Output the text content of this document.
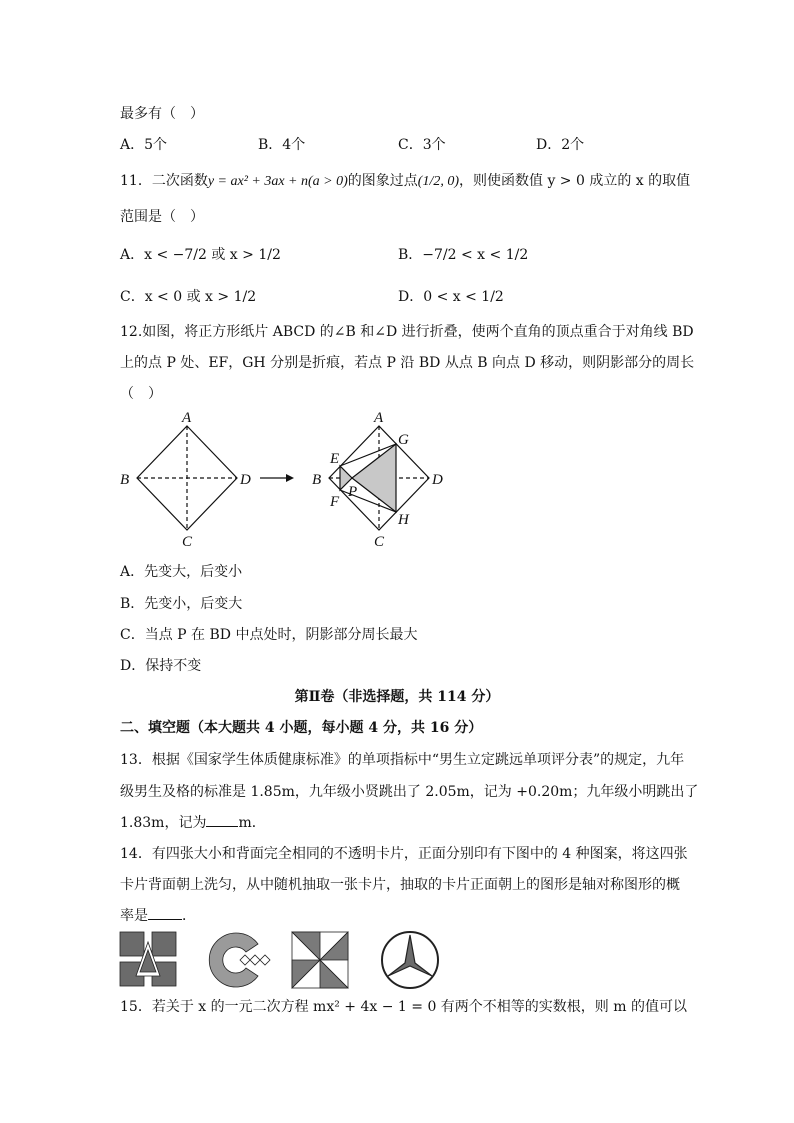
最多有（　）
A．5个	B．4个	C．3个	D．2个
11．二次函数y = ax² + 3ax + n(a > 0)的图象过点(1/2, 0)，则使函数值 y > 0 成立的 x 的取值
范围是（　）
A．x < −7/2 或 x > 1/2	B．−7/2 < x < 1/2
C．x < 0 或 x > 1/2	D．0 < x < 1/2
12.如图，将正方形纸片 ABCD 的∠B 和∠D 进行折叠，使两个直角的顶点重合于对角线 BD
上的点 P 处、EF，GH 分别是折痕，若点 P 沿 BD 从点 B 向点 D 移动，则阴影部分的周长
（　）
A
B	D
C
A
B	D
C
E
F
G
H
P
A．先变大，后变小
B．先变小，后变大
C．当点 P 在 BD 中点处时，阴影部分周长最大
D．保持不变
第Ⅱ卷（非选择题，共 114 分）
二、填空题（本大题共 4 小题，每小题 4 分，共 16 分）
13．根据《国家学生体质健康标准》的单项指标中“男生立定跳远单项评分表”的规定，九年
级男生及格的标准是 1.85m，九年级小贤跳出了 2.05m，记为 +0.20m；九年级小明跳出了
1.83m，记为 m．
14．有四张大小和背面完全相同的不透明卡片，正面分别印有下图中的 4 种图案，将这四张
卡片背面朝上洗匀，从中随机抽取一张卡片，抽取的卡片正面朝上的图形是轴对称图形的概
率是 ．
15．若关于 x 的一元二次方程 mx² + 4x − 1 = 0 有两个不相等的实数根，则 m 的值可以
